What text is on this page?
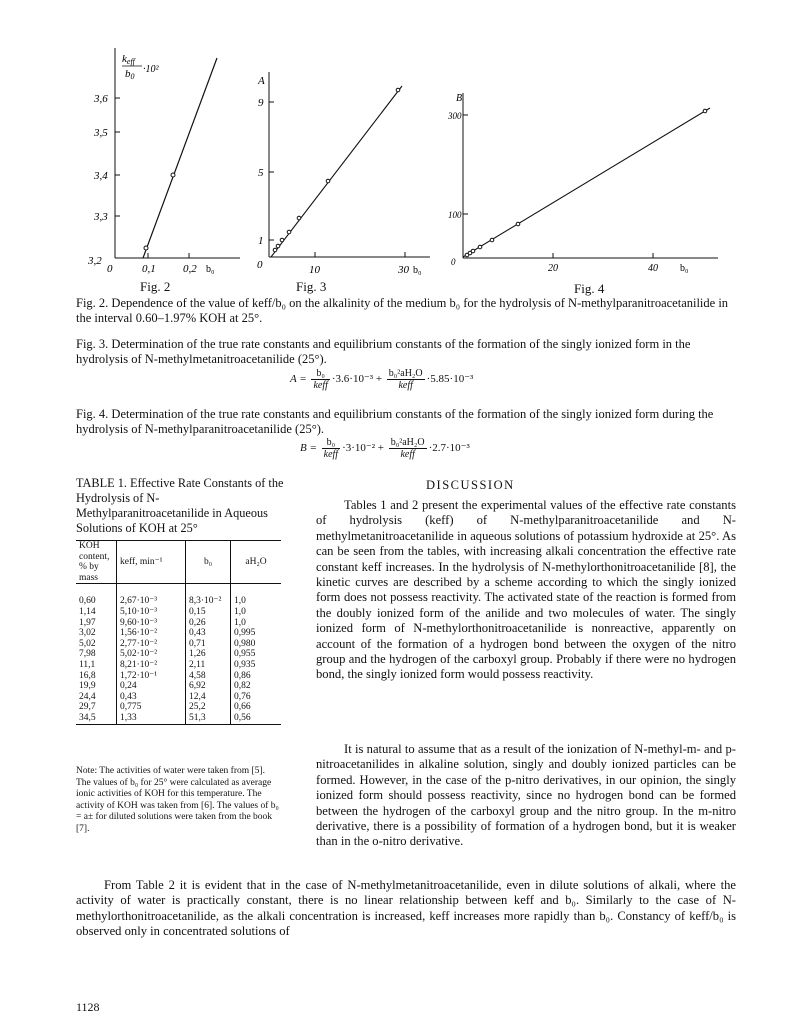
keff
b0
·10²
3,6
3,5
3,4
3,3
3,2
0	0,1 0,2 b₀
Fig. 2
A
9
5
1
0	10	30 b₀
Fig. 3
B
300
100
0
20	40 b₀
Fig. 4
Fig. 2. Dependence of the value of keff/b₀ on the alkalinity of the medium b₀ for the hydrolysis of N-methylparanitroacetanilide in the interval 0.60–1.97% KOH at 25°.
Fig. 3. Determination of the true rate constants and equilibrium constants of the formation of the singly ionized form in the hydrolysis of N-methylmetanitroacetanilide (25°).
$A = \frac{\text{b₀}}{\text{keff}} \cdot 3.6\cdot 10^{-3} + \frac{\text{b₀²aH₂O}}{\text{keff}} \cdot 5.85\cdot 10^{-3}$
Fig. 4. Determination of the true rate constants and equilibrium constants of the formation of the singly ionized form during the hydrolysis of N-methylparanitroacetanilide (25°).
$B = \frac{\text{b₀}}{\text{keff}} \cdot 3\cdot 10^{-2} + \frac{\text{b₀²aH₂O}}{\text{keff}} \cdot 2.7\cdot 10^{-3}$
TABLE 1. Effective Rate Constants of the Hydrolysis of N-Methylparanitroacetanilide in Aqueous Solutions of KOH at 25°
KOH content, % by mass	keff, min⁻¹	b₀	aH₂O
0,60	2,67·10⁻³	8,3·10⁻²	1,0
1,14	5,10·10⁻³	0,15	1,0
1,97	9,60·10⁻³	0,26	1,0
3,02	1,56·10⁻²	0,43	0,995
5,02	2,77·10⁻²	0,71	0,980
7,98	5,02·10⁻²	1,26	0,955
11,1	8,21·10⁻²	2,11	0,935
16,8	1,72·10⁻¹	4,58	0,86
19,9	0,24	6,92	0,82
24,4	0,43	12,4	0,76
29,7	0,775	25,2	0,66
34,5	1,33	51,3	0,56
Note: The activities of water were taken from [5]. The values of b₀ for 25° were calculated as average ionic activities of KOH for this temperature. The activity of KOH was taken from [6]. The values of b₀ = a± for diluted solutions were taken from the book [7].
DISCUSSION
Tables 1 and 2 present the experimental values of the effective rate constants of hydrolysis (keff) of N-methylparanitroacetanilide and N-methylmetanitroacetanilide in aqueous solutions of potassium hydroxide at 25°. As can be seen from the tables, with increasing alkali concentration the effective rate constant keff increases. In the hydrolysis of N-methylorthonitroacetanilide [8], the kinetic curves are described by a scheme according to which the singly ionized form does not possess reactivity. The activated state of the reaction is formed from the doubly ionized form of the anilide and two molecules of water. The singly ionized form of N-methylorthonitroacetanilide is nonreactive, apparently on account of the formation of a hydrogen bond between the oxygen of the nitro group and the hydrogen of the carboxyl group. Probably if there were no hydrogen bond, the singly ionized form would possess reactivity.
It is natural to assume that as a result of the ionization of N-methyl-m- and p-nitroacetanilides in alkaline solution, singly and doubly ionized particles can be formed. However, in the case of the p-nitro derivatives, in our opinion, the singly ionized form should possess reactivity, since no hydrogen bond can be formed between the hydrogen of the carboxyl group and the nitro group. In the m-nitro derivative, there is a possibility of formation of a hydrogen bond, but it is weaker than in the o-nitro derivative.
From Table 2 it is evident that in the case of N-methylmetanitroacetanilide, even in dilute solutions of alkali, where the activity of water is practically constant, there is no linear relationship between keff and b₀. Similarly to the case of N-methylorthonitroacetanilide, as the alkali concentration is increased, keff increases more rapidly than b₀. Constancy of keff/b₀ is observed only in concentrated solutions of
1128
